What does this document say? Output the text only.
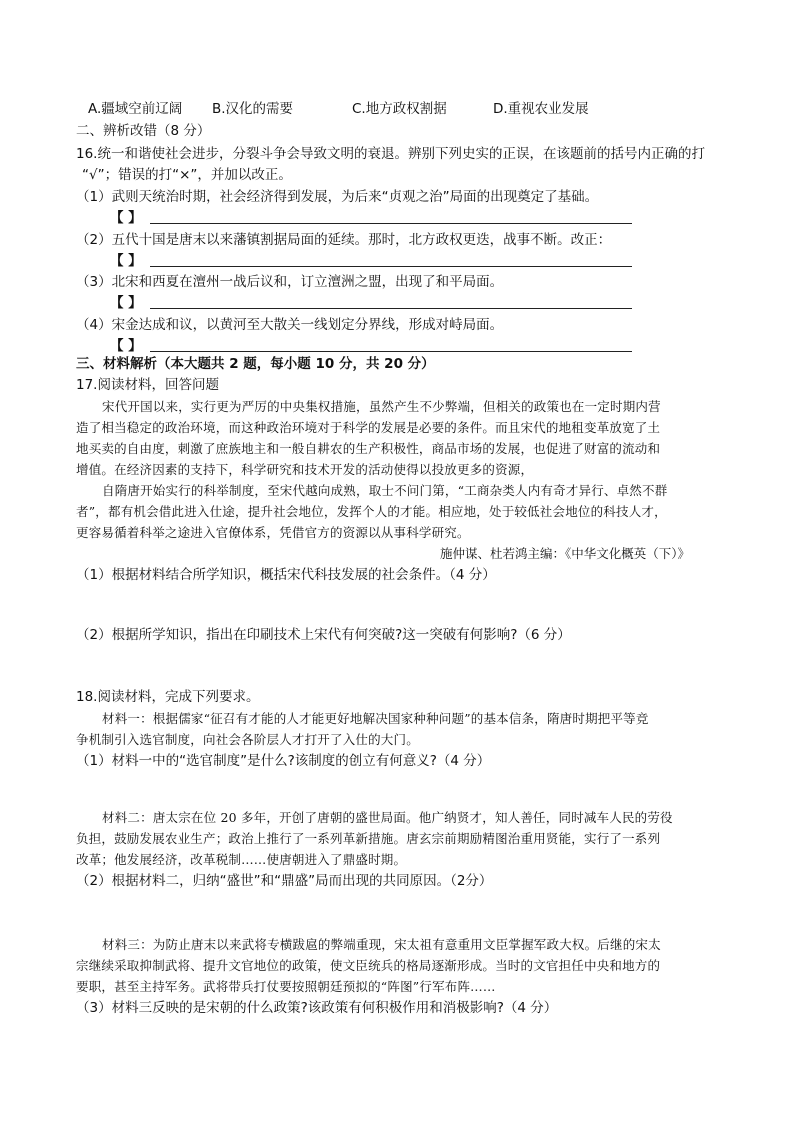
A.疆域空前辽阔 B.汉化的需要	C.地方政权割据	D.重视农业发展
二、辨析改错（8 分）
16.统一和谐使社会进步，分裂斗争会导致文明的衰退。辨别下列史实的正误，在该题前的括号内正确的打
“√”；错误的打“×”，并加以改正。
（1）武则天统治时期，社会经济得到发展，为后来“贞观之治”局面的出现奠定了基础。
【 】
（2）五代十国是唐末以来藩镇割据局面的延续。那时，北方政权更迭，战事不断。改正：
【 】
（3）北宋和西夏在澶州一战后议和，订立澶洲之盟，出现了和平局面。
【 】
（4）宋金达成和议，以黄河至大散关一线划定分界线，形成对峙局面。
【 】
三、材料解析（本大题共 2 题，每小题 10 分，共 20 分）
17.阅读材料，回答问题
宋代开国以来，实行更为严厉的中央集权措施，虽然产生不少弊端，但相关的政策也在一定时期内营
造了相当稳定的政治环境，而这种政治环境对于科学的发展是必要的条件。而且宋代的地租变革放宽了土
地买卖的自由度，刺激了庶族地主和一般自耕农的生产积极性，商品市场的发展，也促进了财富的流动和
增值。在经济因素的支持下，科学研究和技术开发的活动使得以投放更多的资源，
自隋唐开始实行的科举制度，至宋代越向成熟，取士不问门第，“工商杂类人内有奇才异行、卓然不群
者”，都有机会借此进入仕途，提升社会地位，发挥个人的才能。相应地，处于较低社会地位的科技人才，
更容易循着科举之途进入官僚体系，凭借官方的资源以从事科学研究。
施仲谋、杜若鸿主编：《中华文化概英（下）》
（1）根据材料结合所学知识，概括宋代科技发展的社会条件。（4 分）
（2）根据所学知识，指出在印刷技术上宋代有何突破?这一突破有何影响?（6 分）
18.阅读材料，完成下列要求。
材料一：根据儒家“征召有才能的人才能更好地解决国家种种问题”的基本信条，隋唐时期把平等竞
争机制引入选官制度，向社会各阶层人才打开了入仕的大门。
（1）材料一中的“选官制度”是什么?该制度的创立有何意义?（4 分）
材料二：唐太宗在位 20 多年，开创了唐朝的盛世局面。他广纳贤才，知人善任，同时减车人民的劳役
负担，鼓励发展农业生产；政治上推行了一系列革新措施。唐玄宗前期励精图治重用贤能，实行了一系列
改革；他发展经济，改革税制……使唐朝进入了鼎盛时期。
（2）根据材料二，归纳“盛世”和“鼎盛”局而出现的共同原因。（2分）
材料三：为防止唐末以来武将专横跋扈的弊端重现，宋太祖有意重用文臣掌握军政大权。后继的宋太
宗继续采取抑制武将、提升文官地位的政策，使文臣统兵的格局逐渐形成。当时的文官担任中央和地方的
要职，甚至主持军务。武将带兵打仗要按照朝廷预拟的“阵图”行军布阵……
（3）材料三反映的是宋朝的什么政策?该政策有何积极作用和消极影响?（4 分）
